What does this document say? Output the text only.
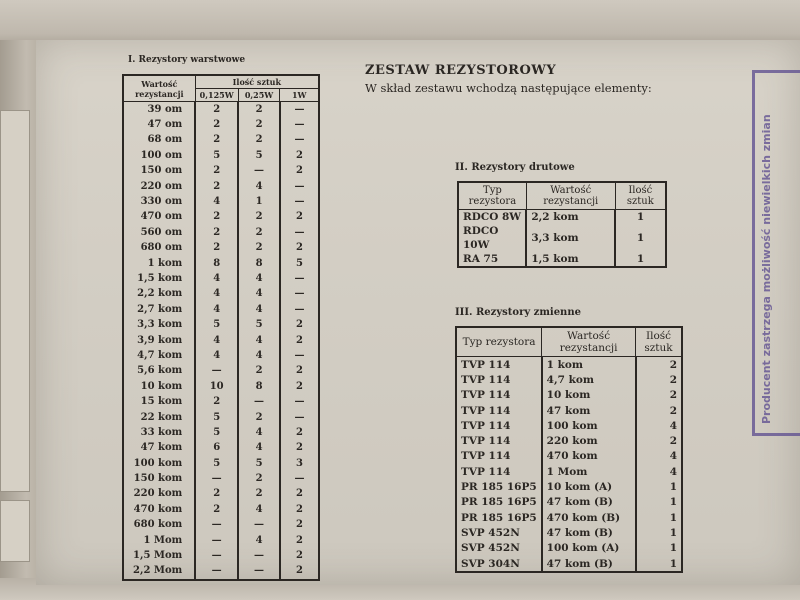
I. Rezystory warstwowe
Wartość rezystancji	Ilość sztuk		
	0,125W	0,25W	1W
39 om	2	2	—
47 om	2	2	—
68 om	2	2	—
100 om	5	5	2
150 om	2	—	2
220 om	2	4	—
330 om	4	1	—
470 om	2	2	2
560 om	2	2	—
680 om	2	2	2
1 kom	8	8	5
1,5 kom	4	4	—
2,2 kom	4	4	—
2,7 kom	4	4	—
3,3 kom	5	5	2
3,9 kom	4	4	2
4,7 kom	4	4	—
5,6 kom	—	2	2
10 kom	10	8	2
15 kom	2	—	—
22 kom	5	2	—
33 kom	5	4	2
47 kom	6	4	2
100 kom	5	5	3
150 kom	—	2	—
220 kom	2	2	2
470 kom	2	4	2
680 kom	—	—	2
1 Mom	—	4	2
1,5 Mom	—	—	2
2,2 Mom	—	—	2
ZESTAW REZYSTOROWY
W skład zestawu wchodzą następujące elementy:
II. Rezystory drutowe
Typ rezystora	Wartość rezystancji	Ilość sztuk
RDCO 8W	2,2 kom	1
RDCO 10W	3,3 kom	1
RA 75	1,5 kom	1
III. Rezystory zmienne
Typ rezystora	Wartość rezystancji	Ilość sztuk
TVP 114	1 kom	2
TVP 114	4,7 kom	2
TVP 114	10 kom	2
TVP 114	47 kom	2
TVP 114	100 kom	4
TVP 114	220 kom	2
TVP 114	470 kom	4
TVP 114	1 Mom	4
PR 185 16P5	10 kom (A)	1
PR 185 16P5	47 kom (B)	1
PR 185 16P5	470 kom (B)	1
SVP 452N	47 kom (B)	1
SVP 452N	100 kom (A)	1
SVP 304N	47 kom (B)	1
Producent zastrzega możliwość niewielkich zmian
